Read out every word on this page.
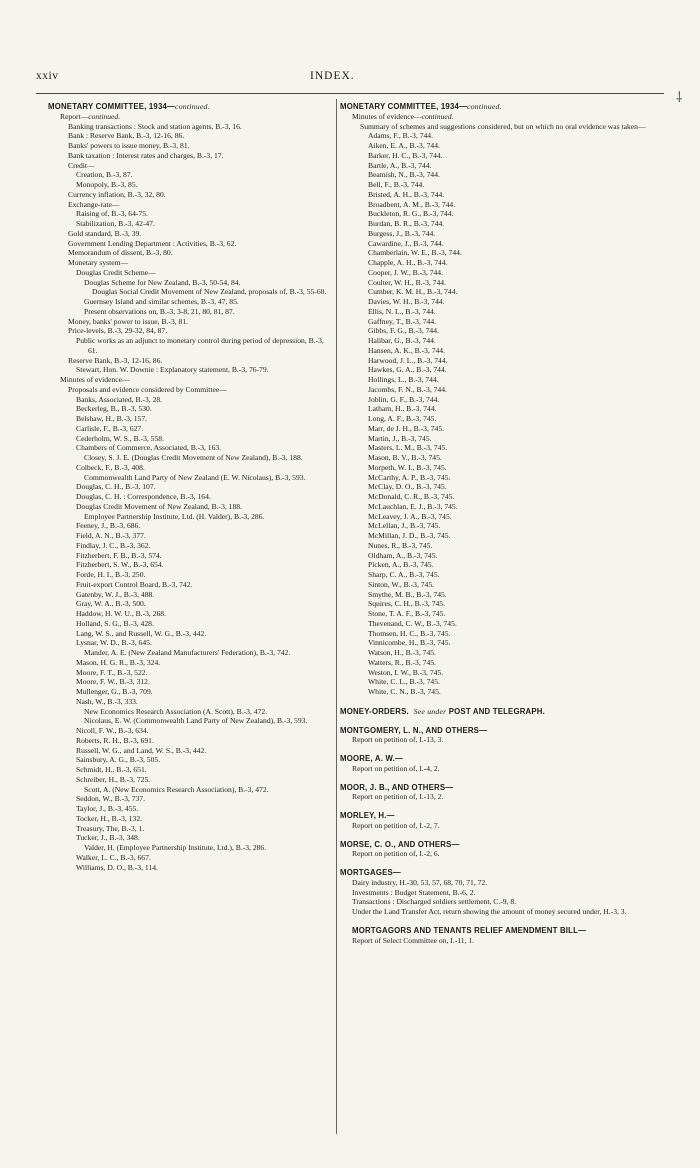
xxiv	INDEX.
MONETARY COMMITTEE, 1934—continued.
Report—continued.
Banking transactions : Stock and station agents, B.-3, 16.
Bank : Reserve Bank, B.-3, 12-16, 86.
Banks' powers to issue money, B.-3, 81.
Bank taxation : Interest rates and charges, B.-3, 17.
Credit—
Creation, B.-3, 87.
Monopoly, B.-3, 85.
Currency inflation, B.-3, 32, 80.
Exchange-rate—
Raising of, B.-3, 64-75.
Stabilization, B.-3, 42-47.
Gold standard, B.-3, 39.
Government Lending Department : Activities, B.-3, 62.
Memorandum of dissent, B.-3, 80.
Monetary system—
Douglas Credit Scheme—
Douglas Scheme for New Zealand, B.-3, 50-54, 84.
Douglas Social Credit Movement of New Zealand, proposals of, B.-3, 55-60.
Guernsey Island and similar schemes, B.-3, 47, 85.
Present observations on, B.-3, 3-8, 21, 80, 81, 87.
Money, banks' power to issue, B.-3, 81.
Price-levels, B.-3, 29-32, 84, 87.
Public works as an adjunct to monetary control during period of depression, B.-3, 61.
Reserve Bank, B.-3, 12-16, 86.
Stewart, Hon. W. Downie : Explanatory statement, B.-3, 76-79.
Minutes of evidence—
Proposals and evidence considered by Committee—
Banks, Associated, B.-3, 28.
Beckerleg, B., B.-3, 530.
Belshaw, H., B.-3, 157.
Carlisle, F., B.-3, 627.
Cederholm, W. S., B.-3, 558.
Chambers of Commerce, Associated, B.-3, 163.
Closey, S. J. E. (Douglas Credit Movement of New Zealand), B.-3, 188.
Colbeck, F., B.-3, 408.
Commonwealth Land Party of New Zealand (E. W. Nicolaus), B.-3, 593.
Douglas, C. H., B.-3, 107.
Douglas, C. H. : Correspondence, B.-3, 164.
Douglas Credit Movement of New Zealand, B.-3, 188.
Employee Partnership Institute, Ltd. (H. Valder), B.-3, 286.
Feeney, J., B.-3, 686.
Field, A. N., B.-3, 377.
Findlay, J. C., B.-3, 362.
Fitzherbert, F. B., B.-3, 574.
Fitzherbert, S. W., B.-3, 654.
Forde, H. I., B.-3, 250.
Fruit-export Control Board, B.-3, 742.
Gatenby, W. J., B.-3, 488.
Gray, W. A., B.-3, 500.
Haddow, H. W. U., B.-3, 268.
Holland, S. G., B.-3, 428.
Lang, W. S., and Russell, W. G., B.-3, 442.
Lysnar, W. D., B.-3, 645.
Mander, A. E. (New Zealand Manufacturers' Federation), B.-3, 742.
Mason, H. G. R., B.-3, 324.
Moore, F. T., B.-3, 522.
Moore, F. W., B.-3, 312.
Mullenger, G., B.-3, 709.
Nash, W., B.-3, 333.
New Economics Research Association (A. Scott), B.-3, 472.
Nicolaus, E. W. (Commonwealth Land Party of New Zealand), B.-3, 593.
Nicoll, F. W., B.-3, 634.
Roberts, R. H., B.-3, 691.
Russell, W. G., and Land, W. S., B.-3, 442.
Sainsbury, A. G., B.-3, 505.
Schmidt, H., B.-3, 651.
Schreiber, H., B.-3, 725.
Scott, A. (New Economics Research Association), B.-3, 472.
Seddon, W., B.-3, 737.
Taylor, J., B.-3, 455.
Tocker, H., B.-3, 132.
Treasury, The, B.-3, 1.
Tucker, J., B.-3, 348.
Valder, H. (Employee Partnership Institute, Ltd.), B.-3, 286.
Walker, L. C., B.-3, 667.
Williams, D. O., B.-3, 114.
MONETARY COMMITTEE, 1934—continued.
Minutes of evidence—continued.
Summary of schemes and suggestions considered, but on which no oral evidence was taken—
Adams, F., B.-3, 744.
Aiken, E. A., B.-3, 744.
Barker, H. C., B.-3, 744.
Bartle, A., B.-3, 744.
Beamish, N., B.-3, 744.
Bell, F., B.-3, 744.
Bristed, A. H., B.-3, 744.
Broadbent, A. M., B.-3, 744.
Buckleton, R. G., B.-3, 744.
Burdan, B. R., B.-3, 744.
Burgess, J., B.-3, 744.
Cawardine, J., B.-3, 744.
Chamberlain, W. E., B.-3, 744.
Chapple, A. H., B.-3, 744.
Cooper, J. W., B.-3, 744.
Coulter, W. H., B.-3, 744.
Cumber, K. M. H., B.-3, 744.
Davies, W. H., B.-3, 744.
Ellis, N. L., B.-3, 744.
Gaffney, T., B.-3, 744.
Gibbs, F. G., B.-3, 744.
Halibar, G., B.-3, 744.
Hansen, A. K., B.-3, 744.
Harwood, J. L., B.-3, 744.
Hawkes, G. A., B.-3, 744.
Hollings, L., B.-3, 744.
Jacombs, F. N., B.-3, 744.
Joblin, G. F., B.-3, 744.
Latham, H., B.-3, 744.
Long, A. F., B.-3, 745.
Marr, de J. H., B.-3, 745.
Martin, J., B.-3, 745.
Masters, L. M., B.-3, 745.
Mason, B. V., B.-3, 745.
Morpeth, W. I., B.-3, 745.
McCarthy, A. P., B.-3, 745.
McClay, D. O., B.-3, 745.
McDonald, C. R., B.-3, 745.
McLauchlan, E. J., B.-3, 745.
McLeavey, J. A., B.-3, 745.
McLellan, J., B.-3, 745.
McMillan, J. D., B.-3, 745.
Nunes, R., B.-3, 745.
Oldham, A., B.-3, 745.
Picken, A., B.-3, 745.
Sharp, C. A., B.-3, 745.
Sinton, W., B.-3, 745.
Smythe, M. B., B.-3, 745.
Squires, C. H., B.-3, 745.
Stone, T. A. F., B.-3, 745.
Thevenand, C. W., B.-3, 745.
Thomsen, H. C., B.-3, 745.
Vinnicombe, H., B.-3, 745.
Watson, H., B.-3, 745.
Watters, R., B.-3, 745.
Weston, I. W., B.-3, 745.
White, C. L., B.-3, 745.
White, C. N., B.-3, 745.
MONEY-ORDERS. See under POST AND TELEGRAPH.
MONTGOMERY, L. N., AND OTHERS—
Report on petition of, I.-13, 3.
MOORE, A. W.—
Report on petition of, I.-4, 2.
MOOR, J. B., AND OTHERS—
Report on petition of, I.-13, 2.
MORLEY, H.—
Report on petition of, I.-2, 7.
MORSE, C. O., AND OTHERS—
Report on petition of, I.-2, 6.
MORTGAGES—
Dairy industry, H.-30, 53, 57, 68, 70, 71, 72.
Investments : Budget Statement, B.-6, 2.
Transactions : Discharged soldiers settlement, C.-9, 8.
Under the Land Transfer Act, return showing the amount of money secured under, H.-3, 3.
MORTGAGORS AND TENANTS RELIEF AMENDMENT BILL—
Report of Select Committee on, I.-11, 1.
⸸
